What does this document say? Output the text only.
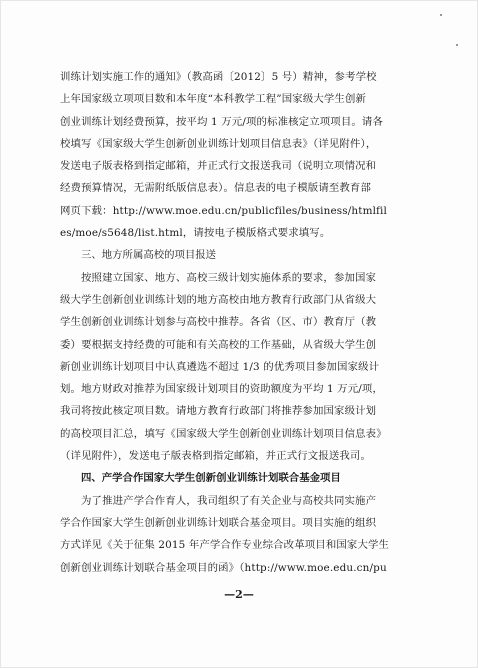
训练计划实施工作的通知》（教高函〔2012〕5 号）精神，参考学校
上年国家级立项项目数和本年度“本科教学工程”国家级大学生创新
创业训练计划经费预算，按平均 1 万元/项的标准核定立项项目。请各
校填写《国家级大学生创新创业训练计划项目信息表》（详见附件），
发送电子版表格到指定邮箱，并正式行文报送我司（说明立项情况和
经费预算情况，无需附纸版信息表）。信息表的电子模版请至教育部
网页下载：http://www.moe.edu.cn/publicfiles/business/htmlfil
es/moe/s5648/list.html，请按电子模版格式要求填写。
三、地方所属高校的项目报送
按照建立国家、地方、高校三级计划实施体系的要求，参加国家
级大学生创新创业训练计划的地方高校由地方教育行政部门从省级大
学生创新创业训练计划参与高校中推荐。各省（区、市）教育厅（教
委）要根据支持经费的可能和有关高校的工作基础，从省级大学生创
新创业训练计划项目中认真遴选不超过 1/3 的优秀项目参加国家级计
划。地方财政对推荐为国家级计划项目的资助额度为平均 1 万元/项，
我司将按此核定项目数。请地方教育行政部门将推荐参加国家级计划
的高校项目汇总，填写《国家级大学生创新创业训练计划项目信息表》
（详见附件），发送电子版表格到指定邮箱，并正式行文报送我司。
四、产学合作国家大学生创新创业训练计划联合基金项目
为了推进产学合作育人，我司组织了有关企业与高校共同实施产
学合作国家大学生创新创业训练计划联合基金项目。项目实施的组织
方式详见《关于征集 2015 年产学合作专业综合改革项目和国家大学生
创新创业训练计划联合基金项目的函》（http://www.moe.edu.cn/pu
—2—
